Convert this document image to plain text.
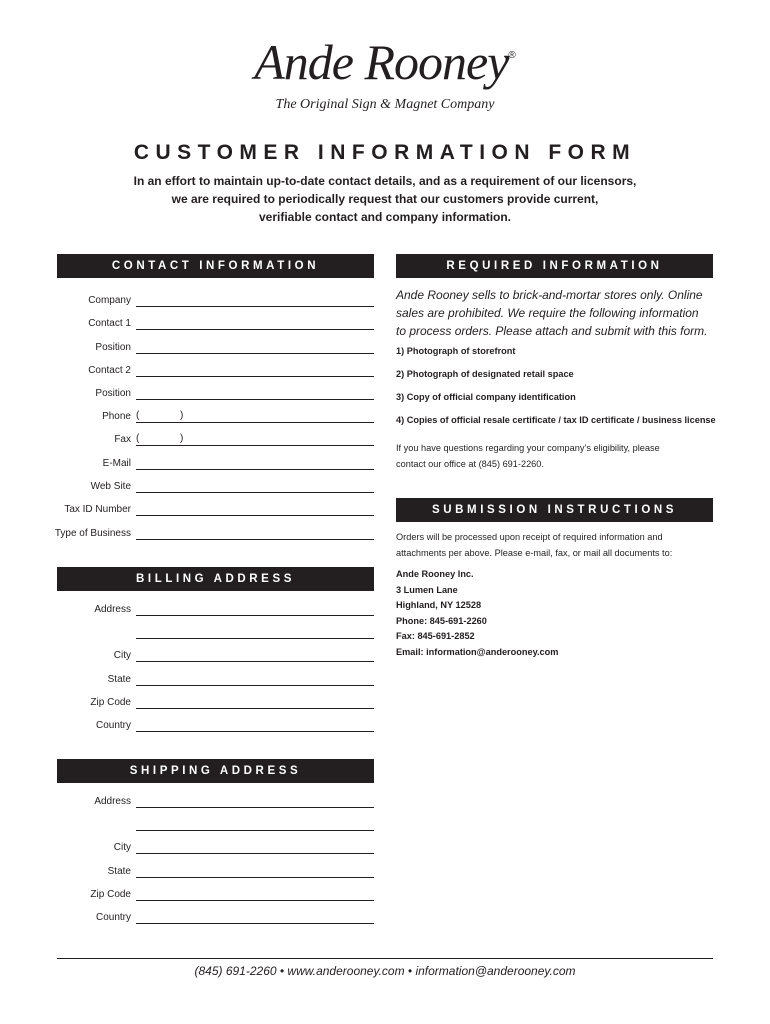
Ande Rooney®
The Original Sign & Magnet Company
CUSTOMER INFORMATION FORM
In an effort to maintain up-to-date contact details, and as a requirement of our licensors,
we are required to periodically request that our customers provide current,
verifiable contact and company information.
CONTACT INFORMATION
Company
Contact 1
Position
Contact 2
Position
Phone (	)
Fax (	)
E-Mail
Web Site
Tax ID Number
Type of Business
BILLING ADDRESS
Address
City
State
Zip Code
Country
SHIPPING ADDRESS
Address
City
State
Zip Code
Country
REQUIRED INFORMATION
Ande Rooney sells to brick-and-mortar stores only. Online
sales are prohibited. We require the following information
to process orders. Please attach and submit with this form.
1) Photograph of storefront
2) Photograph of designated retail space
3) Copy of official company identification
4) Copies of official resale certificate / tax ID certificate / business license
If you have questions regarding your company’s eligibility, please
contact our office at (845) 691-2260.
SUBMISSION INSTRUCTIONS
Orders will be processed upon receipt of required information and
attachments per above. Please e-mail, fax, or mail all documents to:
Ande Rooney Inc.
3 Lumen Lane
Highland, NY 12528
Phone: 845-691-2260
Fax: 845-691-2852
Email: information@anderooney.com
(845) 691-2260 • www.anderooney.com • information@anderooney.com
